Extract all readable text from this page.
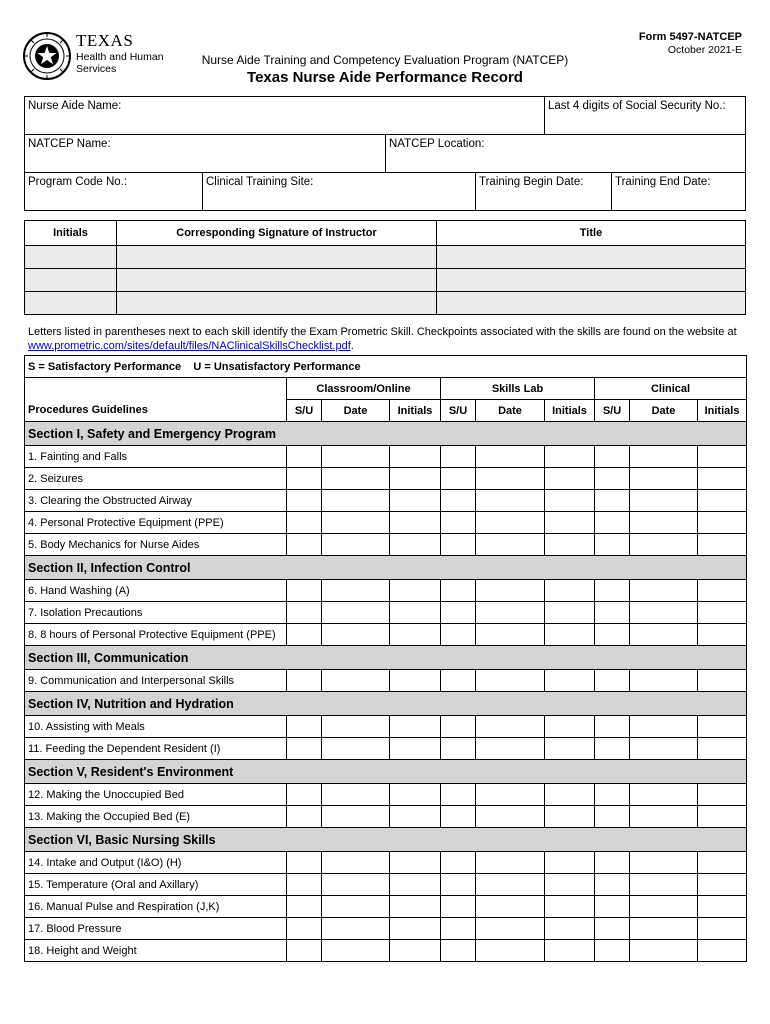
TEXAS
Health and Human Services
Form 5497-NATCEP
October 2021-E
Nurse Aide Training and Competency Evaluation Program (NATCEP)
Texas Nurse Aide Performance Record
Nurse Aide Name:	Last 4 digits of Social Security No.:
NATCEP Name:	NATCEP Location:
Program Code No.:	Clinical Training Site:	Training Begin Date:	Training End Date:
Initials	Corresponding Signature of Instructor	Title

Letters listed in parentheses next to each skill identify the Exam Prometric Skill. Checkpoints associated with the skills are found on the website at www.prometric.com/sites/default/files/NAClinicalSkillsChecklist.pdf.
S = Satisfactory Performance    U = Unsatisfactory Performance									
	Classroom/Online			Skills Lab			Clinical		
Procedures Guidelines	S/U	Date	Initials	S/U	Date	Initials	S/U	Date	Initials
Section I, Safety and Emergency Program									
1. Fainting and Falls									
2. Seizures									
3. Clearing the Obstructed Airway									
4. Personal Protective Equipment (PPE)									
5. Body Mechanics for Nurse Aides									
Section II, Infection Control									
6. Hand Washing (A)									
7. Isolation Precautions									
8. 8 hours of Personal Protective Equipment (PPE)									
Section III, Communication									
9. Communication and Interpersonal Skills									
Section IV, Nutrition and Hydration									
10. Assisting with Meals									
11. Feeding the Dependent Resident (I)									
Section V, Resident's Environment									
12. Making the Unoccupied Bed									
13. Making the Occupied Bed (E)									
Section VI, Basic Nursing Skills									
14. Intake and Output (I&O) (H)									
15. Temperature (Oral and Axillary)									
16. Manual Pulse and Respiration (J,K)									
17. Blood Pressure									
18. Height and Weight									
